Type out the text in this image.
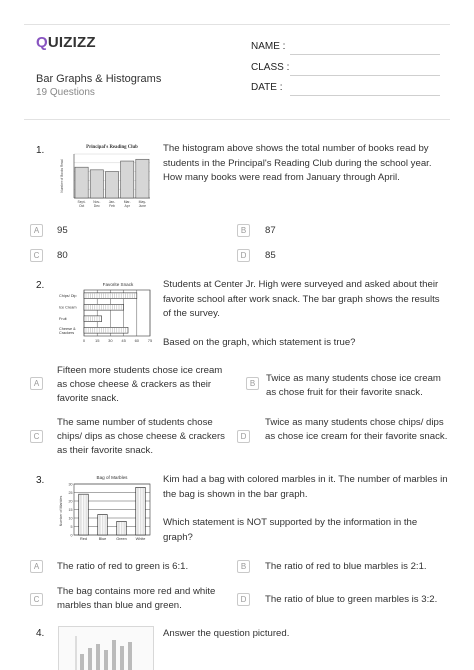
QUIZIZZ
Bar Graphs & Histograms
19 Questions
NAME :
CLASS :
DATE :
1.	Principal's Reading Club
Number of Books Read
Sept-
Oct
Nov-
Dec
Jan-
Feb
Mar-
Apr
May-
June
The histogram above shows the total number of books read by students in the Principal's Reading Club during the school year. How many books were read from January through April.
A	95	B	87
C	80	D	85
2.	Favorite Snack
0 15 30 45 60 75
Chips/ Dip
Ice Cream
Fruit
Cheese &
Crackers
Students at Center Jr. High were surveyed and asked about their favorite school after work snack. The bar graph shows the results of the survey.
Based on the graph, which statement is true?
A
Fifteen more students chose ice cream as chose cheese & crackers as their favorite snack.
B	Twice as many students chose ice cream as chose fruit for their favorite snack.
C
The same number of students chose chips/ dips as chose cheese & crackers as their favorite snack.
D
Twice as many students chose chips/ dips as chose ice cream for their favorite snack.
3.	Bag of Marbles
Number of Marbles
0
5
10
15
20
25
30
Red	Blue	Green White
Kim had a bag with colored marbles in it. The number of marbles in the bag is shown in the bar graph.
Which statement is NOT supported by the information in the graph?
A	The ratio of red to green is 6:1.	B	The ratio of red to blue marbles is 2:1.
C
The bag contains more red and white marbles than blue and green.
D	The ratio of blue to green marbles is 3:2.
4.	Answer the question pictured.
